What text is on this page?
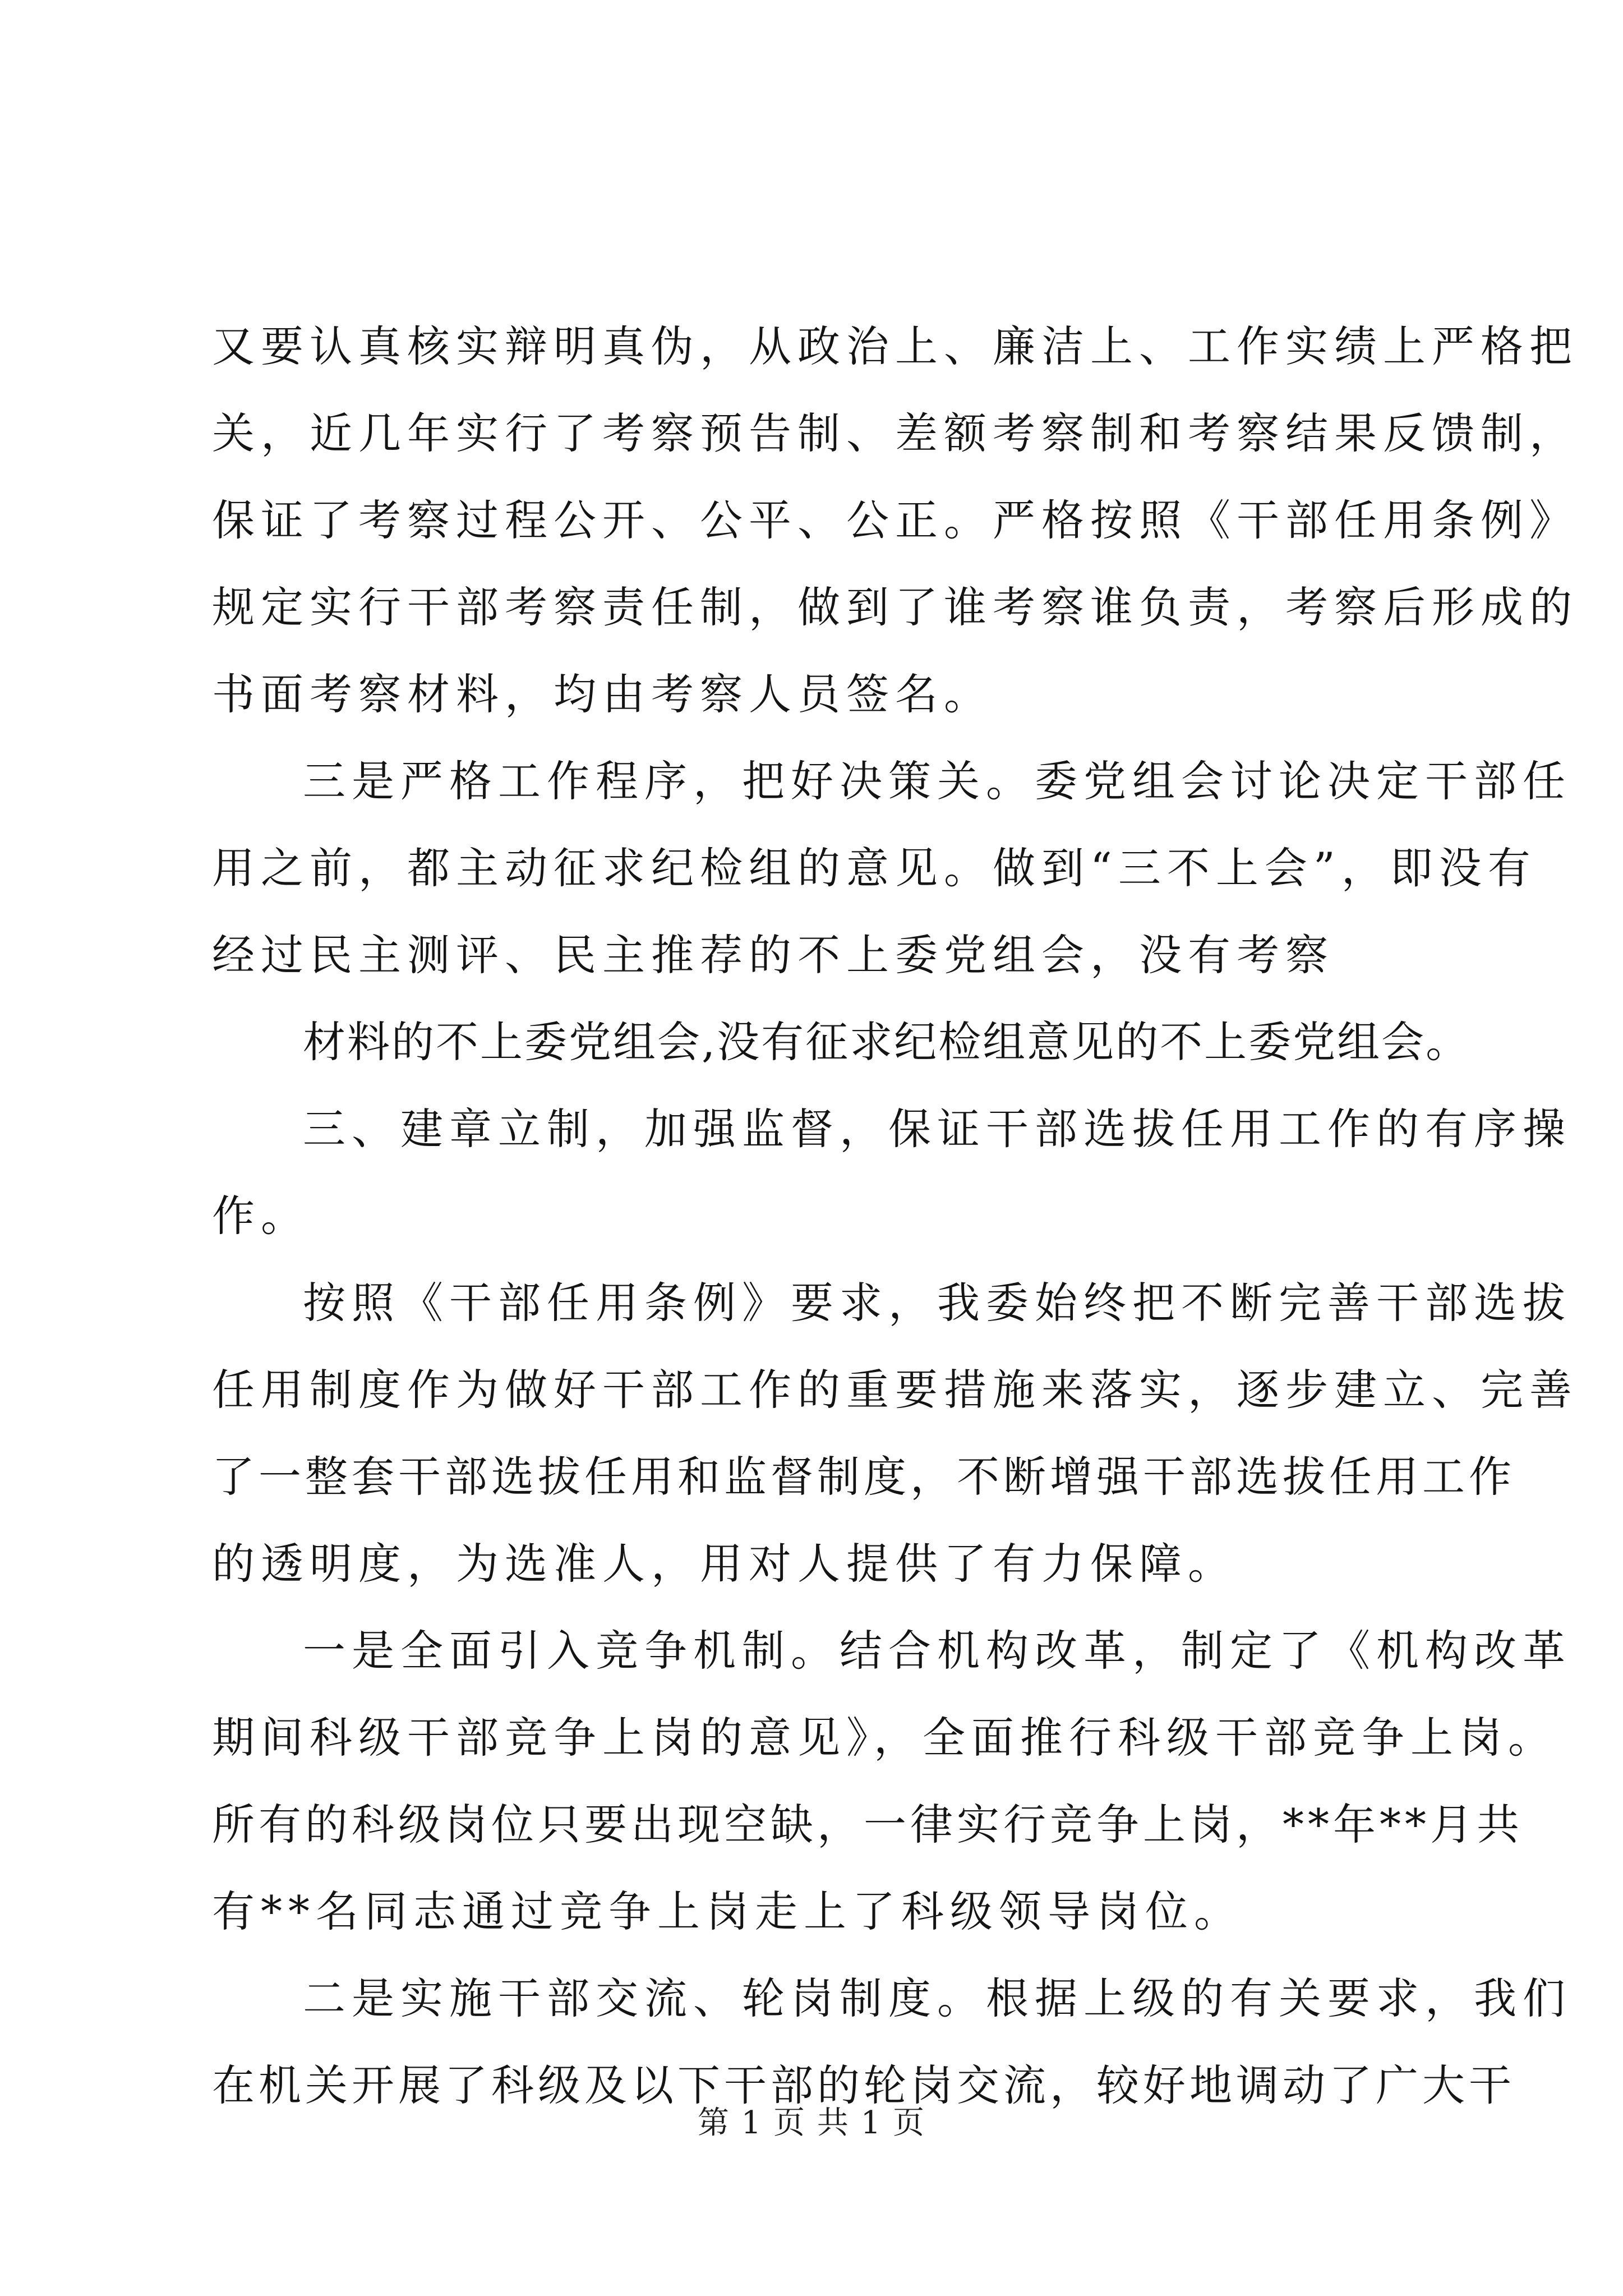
又要认真核实辩明真伪，从政治上、廉洁上、工作实绩上严格把
关，近几年实行了考察预告制、差额考察制和考察结果反馈制，
保证了考察过程公开、公平、公正。严格按照《干部任用条例》
规定实行干部考察责任制，做到了谁考察谁负责，考察后形成的
书面考察材料，均由考察人员签名。
三是严格工作程序，把好决策关。委党组会讨论决定干部任
用之前，都主动征求纪检组的意见。做到“三不上会”，即没有
经过民主测评、民主推荐的不上委党组会，没有考察
材料的不上委党组会,没有征求纪检组意见的不上委党组会。
三、建章立制，加强监督，保证干部选拔任用工作的有序操
作。
按照《干部任用条例》要求，我委始终把不断完善干部选拔
任用制度作为做好干部工作的重要措施来落实，逐步建立、完善
了一整套干部选拔任用和监督制度，不断增强干部选拔任用工作
的透明度，为选准人，用对人提供了有力保障。
一是全面引入竞争机制。结合机构改革，制定了《机构改革
期间科级干部竞争上岗的意见》，全面推行科级干部竞争上岗。
所有的科级岗位只要出现空缺，一律实行竞争上岗，**年**月共
有**名同志通过竞争上岗走上了科级领导岗位。
二是实施干部交流、轮岗制度。根据上级的有关要求，我们
在机关开展了科级及以下干部的轮岗交流，较好地调动了广大干
第 1 页 共 1 页
